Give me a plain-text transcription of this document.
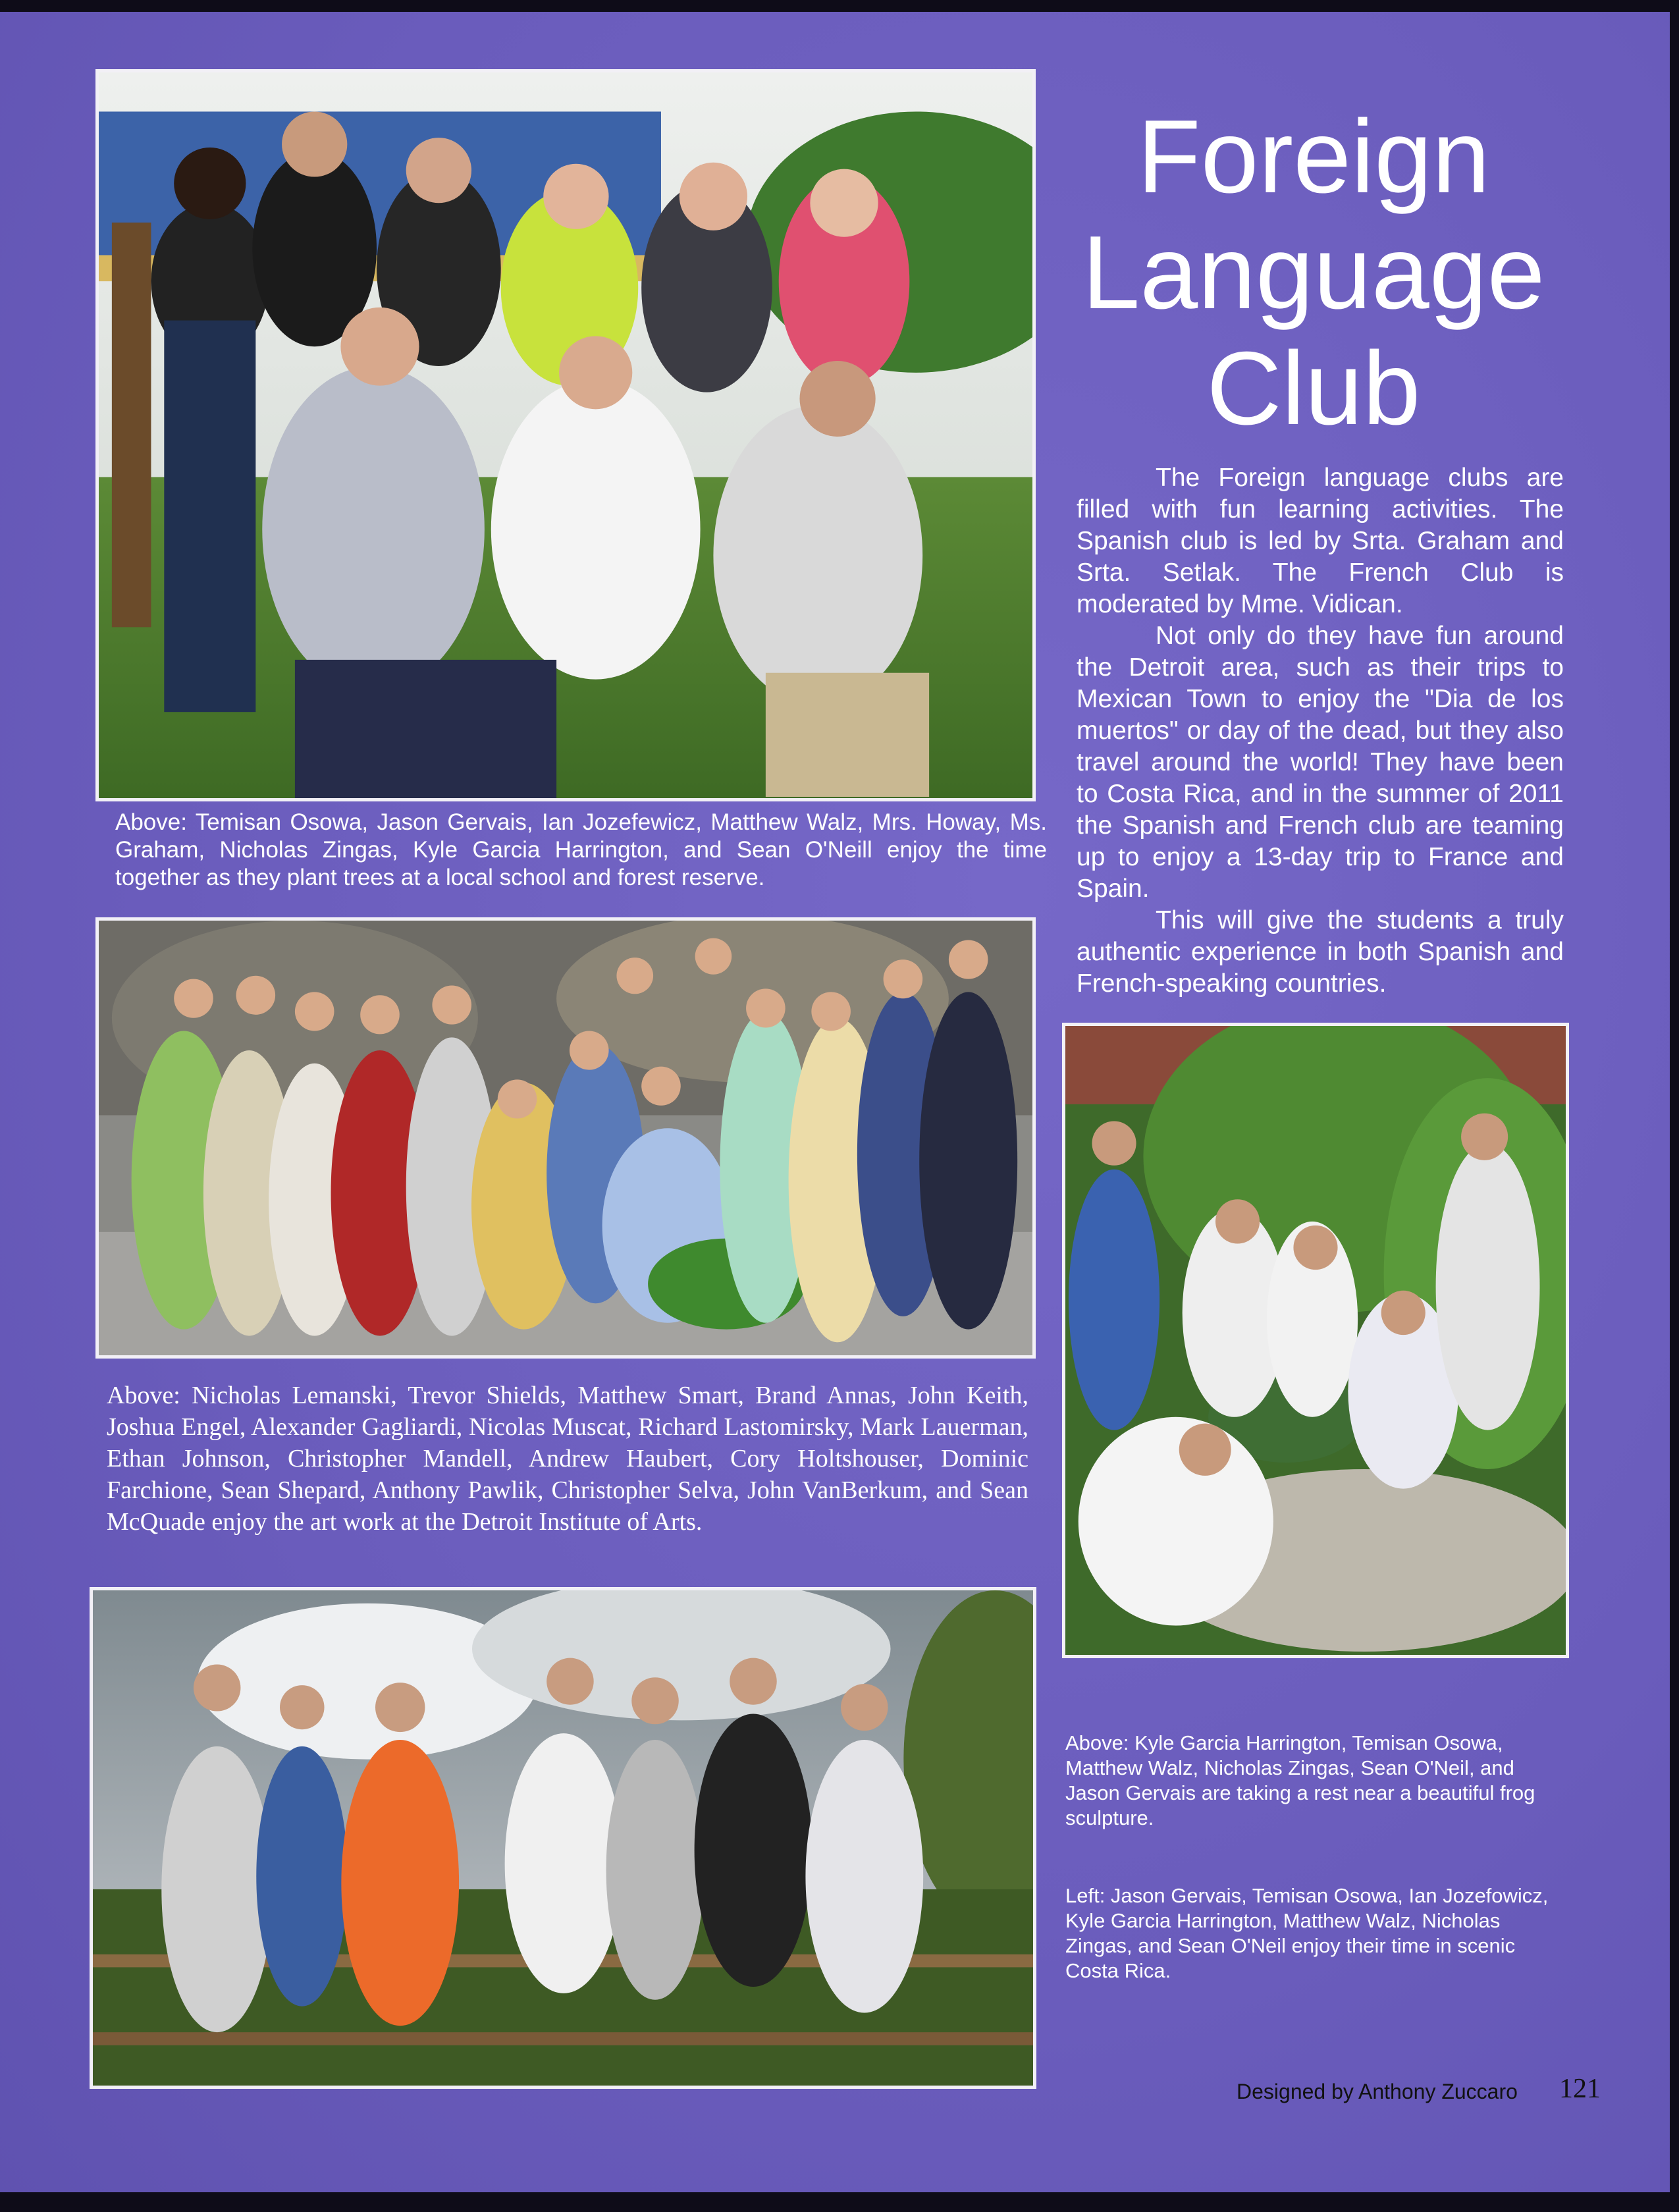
Foreign
Language
Club

The Foreign language clubs are filled with fun learning activities. The Spanish club is led by Srta. Graham and Srta. Setlak. The French Club is moderated by Mme. Vidican.

Not only do they have fun around the Detroit area, such as their trips to Mexican Town to enjoy the "Dia de los muertos" or day of the dead, but they also travel around the world! They have been to Costa Rica, and in the summer of 2011 the Spanish and French club are teaming up to enjoy a 13-day trip to France and Spain.

This will give the students a truly authentic experience in both Spanish and French-speaking countries.

Above: Temisan Osowa, Jason Gervais, Ian Jozefewicz, Matthew Walz, Mrs. Howay, Ms. Graham, Nicholas Zingas, Kyle Garcia Harrington, and Sean O'Neill enjoy the time together as they plant trees at a local school and forest reserve.
Above: Nicholas Lemanski, Trevor Shields, Matthew Smart, Brand Annas, John Keith, Joshua Engel, Alexander Gagliardi, Nicolas Muscat, Richard Lastomirsky, Mark Lauerman, Ethan Johnson, Christopher Mandell, Andrew Haubert, Cory Holtshouser, Dominic Farchione, Sean Shepard, Anthony Pawlik, Christopher Selva, John VanBerkum, and Sean McQuade enjoy the art work at the Detroit Institute of Arts.
Above: Kyle Garcia Harrington, Temisan Osowa, Matthew Walz, Nicholas Zingas, Sean O'Neil, and Jason Gervais are taking a rest near a beautiful frog sculpture.
Left: Jason Gervais, Temisan Osowa, Ian Jozefowicz, Kyle Garcia Harrington, Matthew Walz, Nicholas Zingas, and Sean O'Neil enjoy their time in scenic Costa Rica.
Designed by Anthony Zuccaro 121
